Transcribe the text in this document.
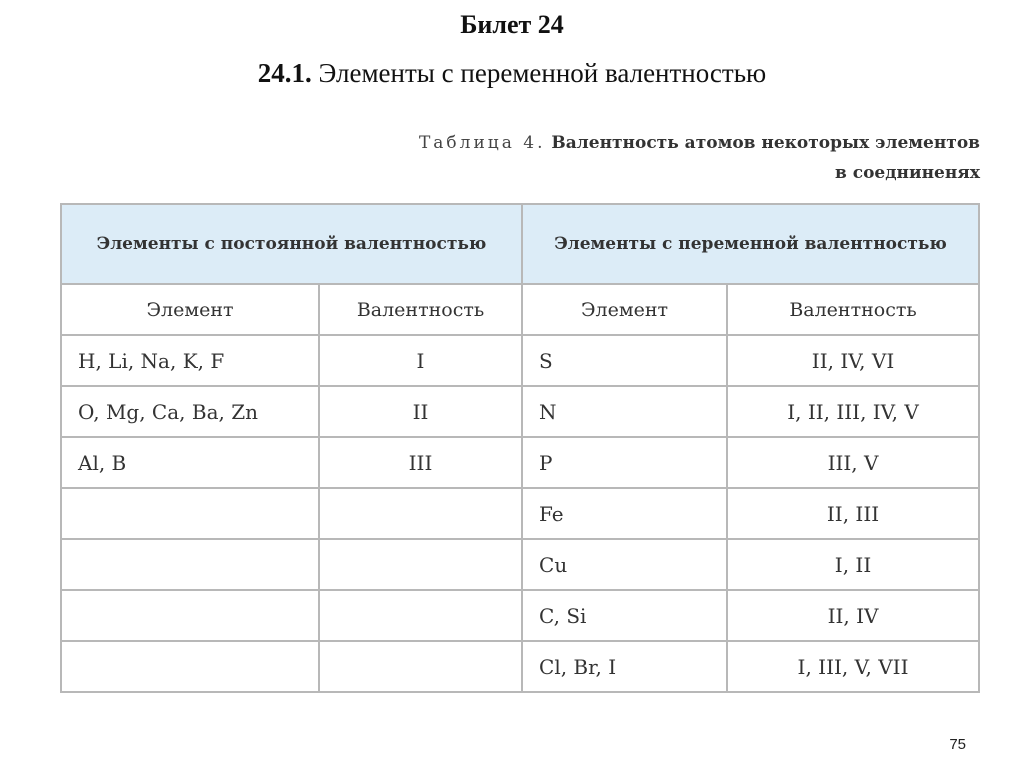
Билет 24
24.1. Элементы с переменной валентностью
Таблица 4. Валентность атомов некоторых элементов
в соедниненях
Элементы с постоянной валентностью		Элементы с переменной валентностью	
Элемент	Валентность	Элемент	Валентность
H, Li, Na, K, F	I	S	II, IV, VI
O, Mg, Ca, Ba, Zn	II	N	I, II, III, IV, V
Al, B	III	P	III, V
		Fe	II, III
		Cu	I, II
		C, Si	II, IV
		Cl, Br, I	I, III, V, VII
75
